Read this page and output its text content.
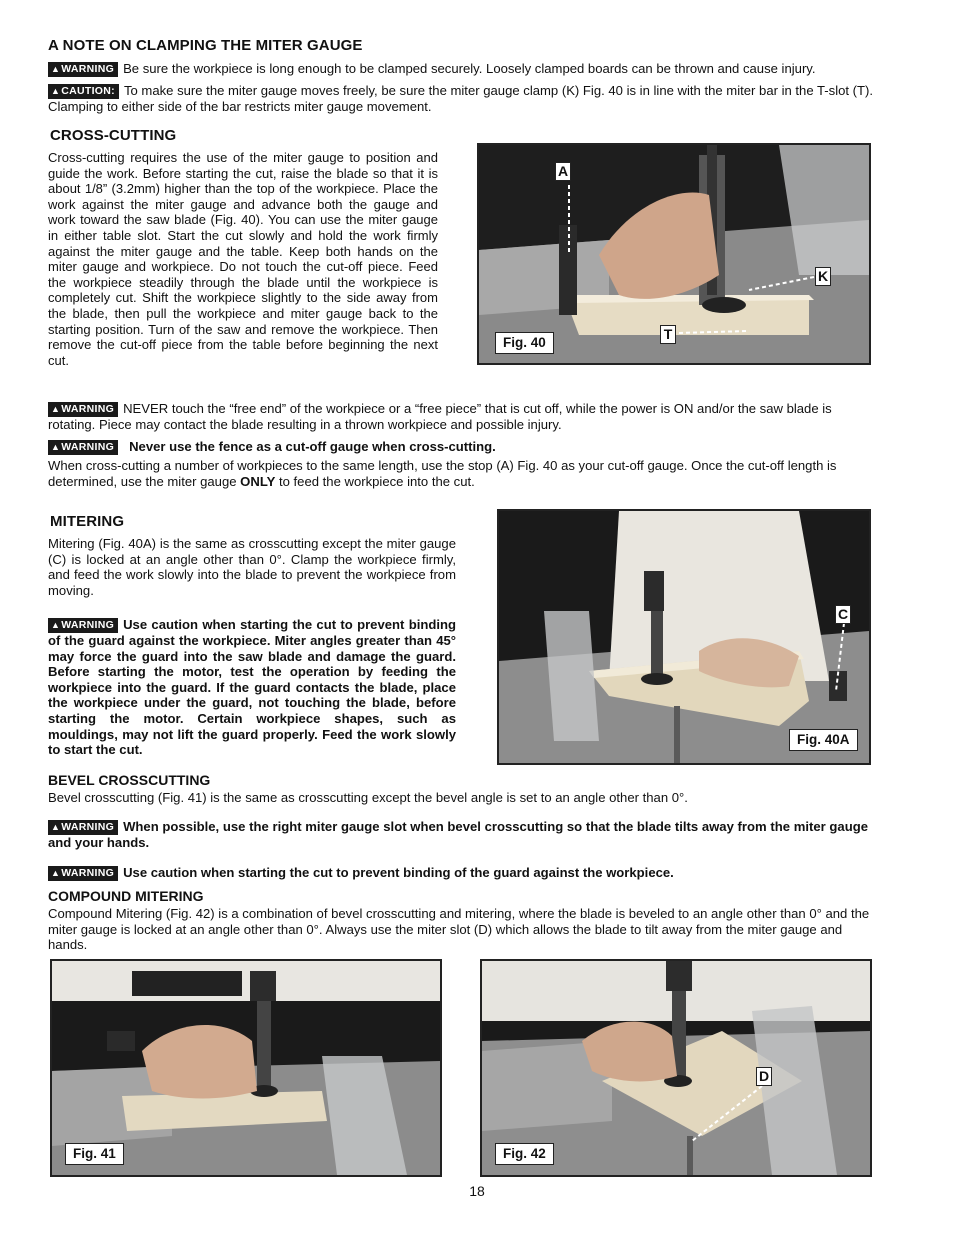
A NOTE ON CLAMPING THE MITER GAUGE

▲WARNING Be sure the workpiece is long enough to be clamped securely. Loosely clamped boards can be thrown and cause injury.

▲CAUTION: To make sure the miter gauge moves freely, be sure the miter gauge clamp (K) Fig. 40 is in line with the miter bar in the T-slot (T). Clamping to either side of the bar restricts miter gauge movement.

CROSS-CUTTING

Cross-cutting requires the use of the miter gauge to position and guide the work. Before starting the cut, raise the blade so that it is about 1/8” (3.2mm) higher than the top of the workpiece. Place the work against the miter gauge and advance both the gauge and work toward the saw blade (Fig. 40). You can use the miter gauge in either table slot. Start the cut slowly and hold the work firmly against the miter gauge and the table. Keep both hands on the miter gauge and workpiece. Do not touch the cut-off piece. Feed the workpiece steadily through the blade until the workpiece is completely cut. Shift the workpiece slightly to the side away from the blade, then pull the workpiece and miter gauge back to the starting position. Turn of the saw and remove the workpiece. Then remove the cut-off piece from the table before beginning the next cut.

A
K
T
Fig. 40

▲WARNING NEVER touch the “free end” of the workpiece or a “free piece” that is cut off, while the power is ON and/or the saw blade is rotating. Piece may contact the blade resulting in a thrown workpiece and possible injury.

▲WARNING Never use the fence as a cut-off gauge when cross-cutting.

When cross-cutting a number of workpieces to the same length, use the stop (A) Fig. 40 as your cut-off gauge. Once the cut-off length is determined, use the miter gauge ONLY to feed the workpiece into the cut.

MITERING

Mitering (Fig. 40A) is the same as crosscutting except the miter gauge (C) is locked at an angle other than 0°. Clamp the workpiece firmly, and feed the work slowly into the blade to prevent the workpiece from moving.

▲WARNING Use caution when starting the cut to prevent binding of the guard against the workpiece. Miter angles greater than 45° may force the guard into the saw blade and damage the guard. Before starting the motor, test the operation by feeding the workpiece into the guard. If the guard contacts the blade, place the workpiece under the guard, not touching the blade, before starting the motor. Certain workpiece shapes, such as mouldings, may not lift the guard properly. Feed the work slowly to start the cut.

C
Fig. 40A
BEVEL CROSSCUTTING

Bevel crosscutting (Fig. 41) is the same as crosscutting except the bevel angle is set to an angle other than 0°.

▲WARNING When possible, use the right miter gauge slot when bevel crosscutting so that the blade tilts away from the miter gauge and your hands.

▲WARNING Use caution when starting the cut to prevent binding of the guard against the workpiece.

COMPOUND MITERING

Compound Mitering (Fig. 42) is a combination of bevel crosscutting and mitering, where the blade is beveled to an angle other than 0° and the miter gauge is locked at an angle other than 0°. Always use the miter slot (D) which allows the blade to tilt away from the miter gauge and hands.

Fig. 41
D
Fig. 42
18
